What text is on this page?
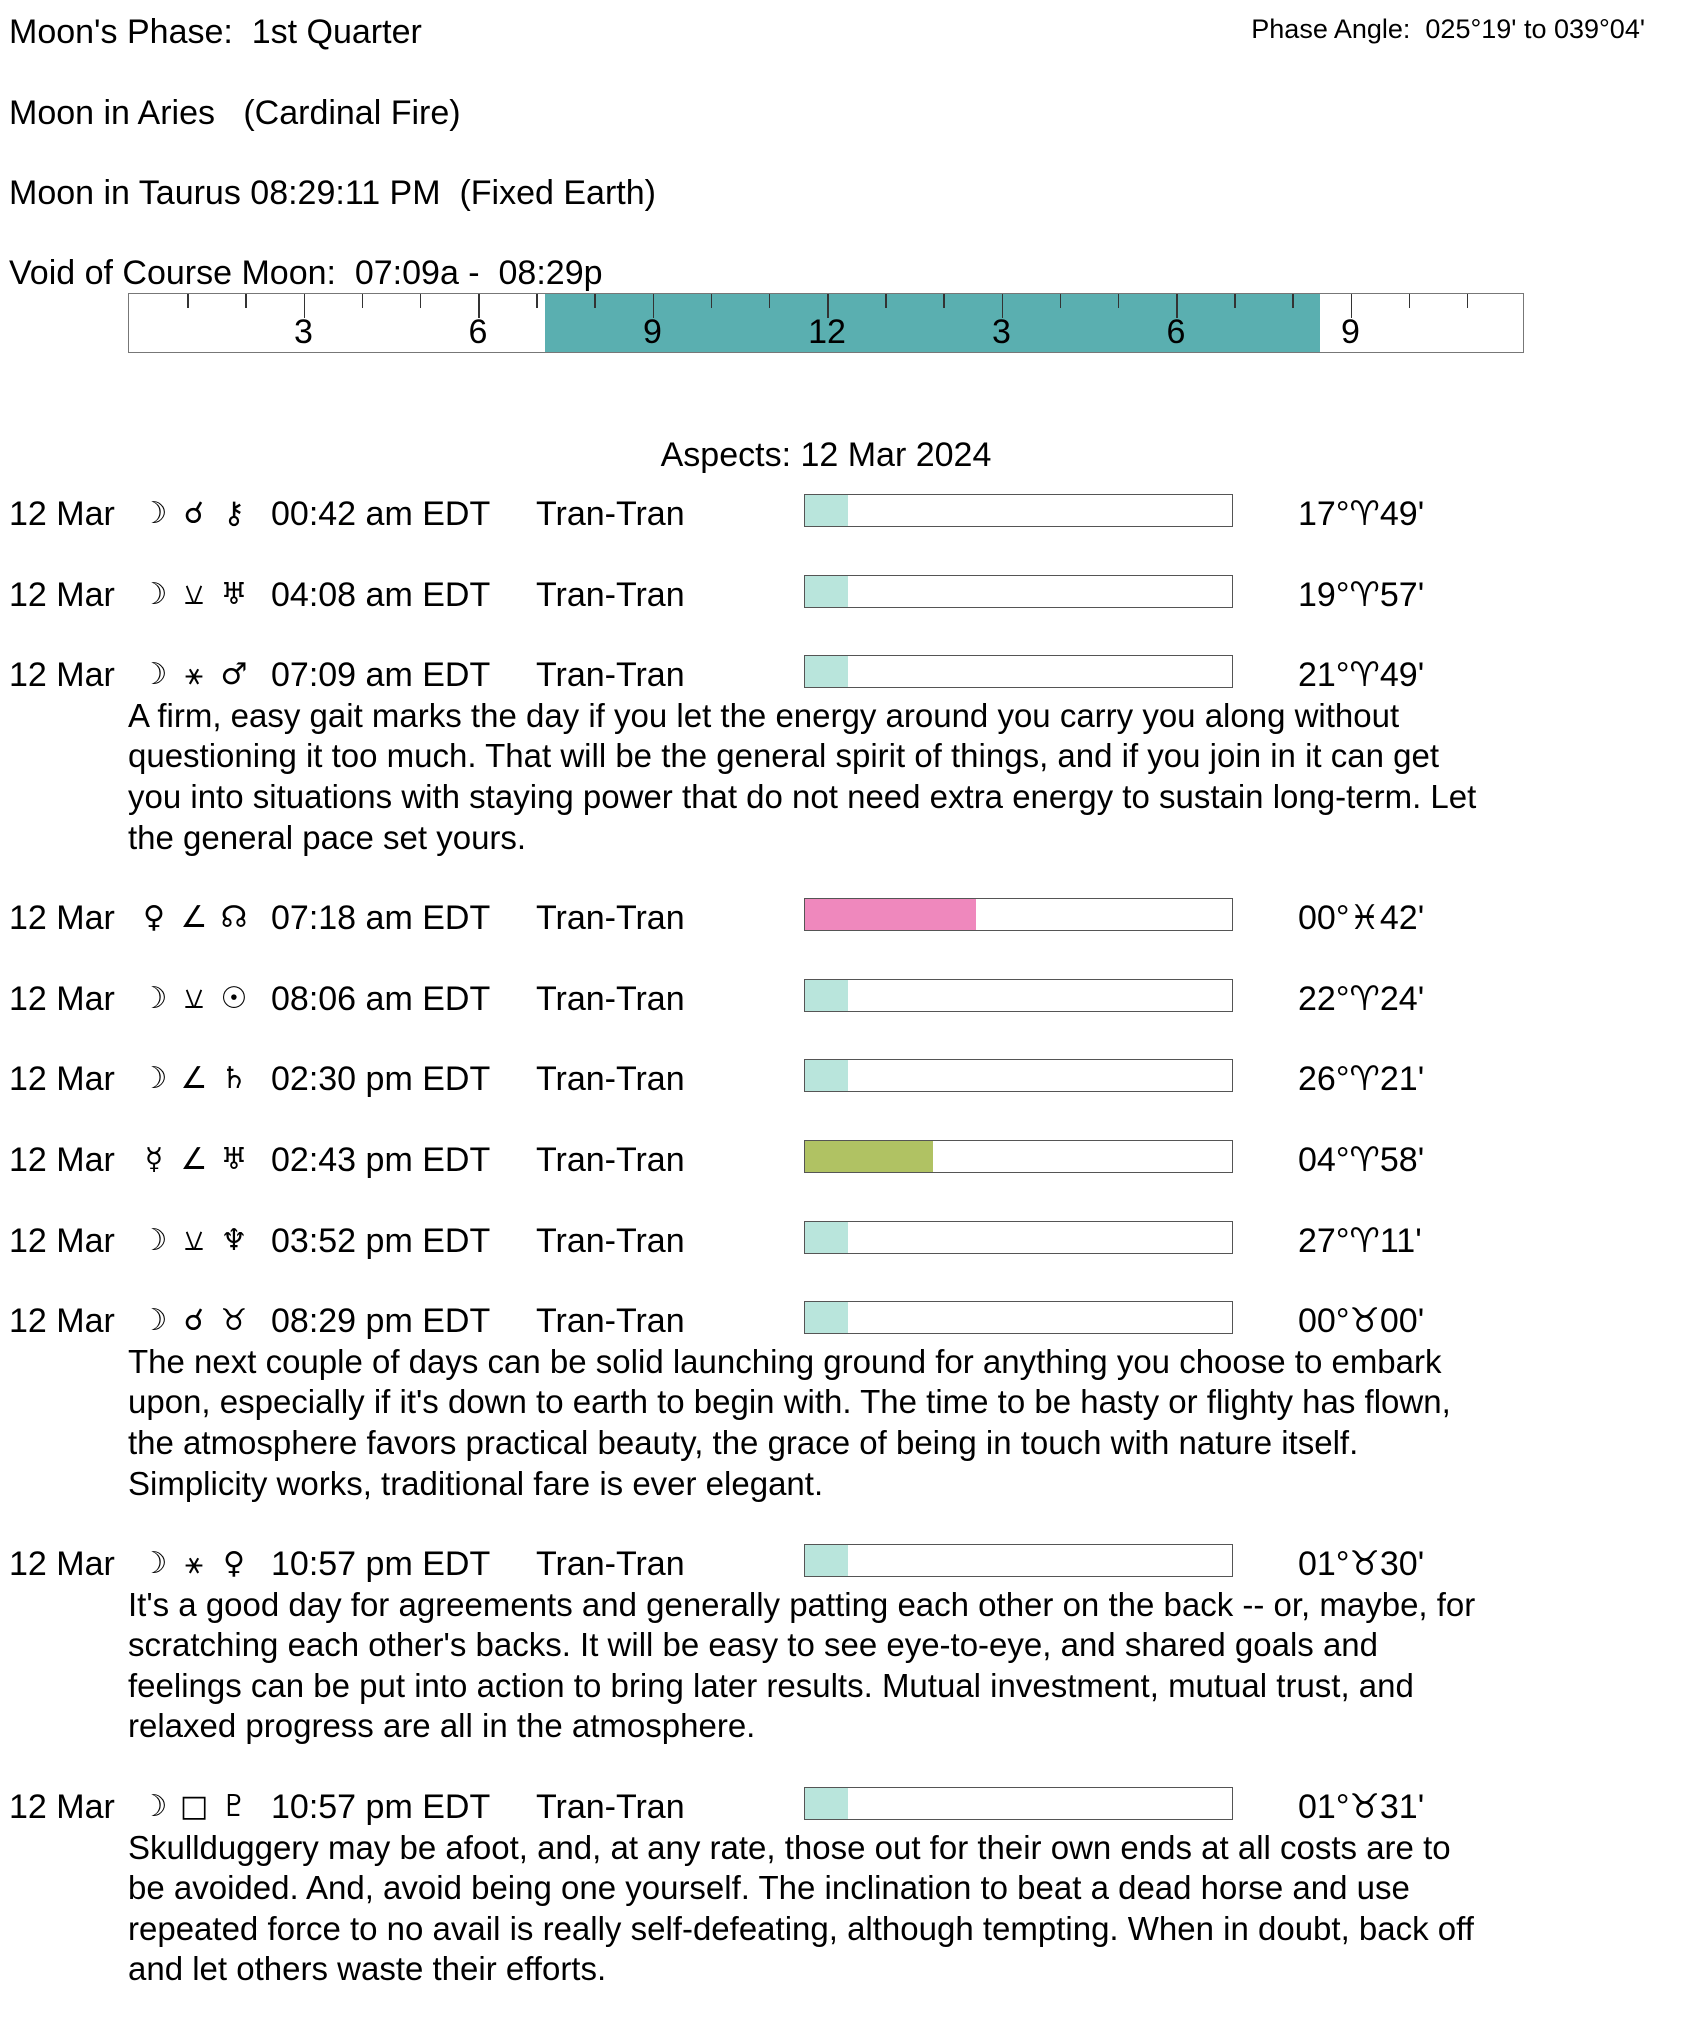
Moon's Phase:  1st Quarter	Phase Angle:  025°19' to 039°04'
Moon in Aries   (Cardinal Fire)
Moon in Taurus 08:29:11 PM  (Fixed Earth)
Void of Course Moon:  07:09a -  08:29p
3	6	9	12	3	6	9
Aspects: 12 Mar 2024
12 Mar ☽ ☌ ⚷ 00:42 am EDT Tran-Tran	17°♈︎49'
12 Mar ☽ ⚺ ♅ 04:08 am EDT Tran-Tran	19°♈︎57'
12 Mar ☽ ⚹ ♂ 07:09 am EDT Tran-Tran	21°♈︎49'
A firm, easy gait marks the day if you let the energy around you carry you along without
questioning it too much. That will be the general spirit of things, and if you join in it can get
you into situations with staying power that do not need extra energy to sustain long-term. Let
the general pace set yours.
12 Mar ♀ ∠ ☊ 07:18 am EDT Tran-Tran	00°♓︎42'
12 Mar ☽ ⚺ ☉ 08:06 am EDT Tran-Tran	22°♈︎24'
12 Mar ☽ ∠ ♄ 02:30 pm EDT Tran-Tran	26°♈︎21'
12 Mar ☿ ∠ ♅ 02:43 pm EDT Tran-Tran	04°♈︎58'
12 Mar ☽ ⚺ ♆ 03:52 pm EDT Tran-Tran	27°♈︎11'
12 Mar ☽ ☌ ♉︎ 08:29 pm EDT Tran-Tran	00°♉︎00'
The next couple of days can be solid launching ground for anything you choose to embark
upon, especially if it's down to earth to begin with. The time to be hasty or flighty has flown,
the atmosphere favors practical beauty, the grace of being in touch with nature itself.
Simplicity works, traditional fare is ever elegant.
12 Mar ☽ ⚹ ♀ 10:57 pm EDT Tran-Tran	01°♉︎30'
It's a good day for agreements and generally patting each other on the back -- or, maybe, for
scratching each other's backs. It will be easy to see eye-to-eye, and shared goals and
feelings can be put into action to bring later results. Mutual investment, mutual trust, and
relaxed progress are all in the atmosphere.
12 Mar ☽ □ ♇ 10:57 pm EDT Tran-Tran	01°♉︎31'
Skullduggery may be afoot, and, at any rate, those out for their own ends at all costs are to
be avoided. And, avoid being one yourself. The inclination to beat a dead horse and use
repeated force to no avail is really self-defeating, although tempting. When in doubt, back off
and let others waste their efforts.
